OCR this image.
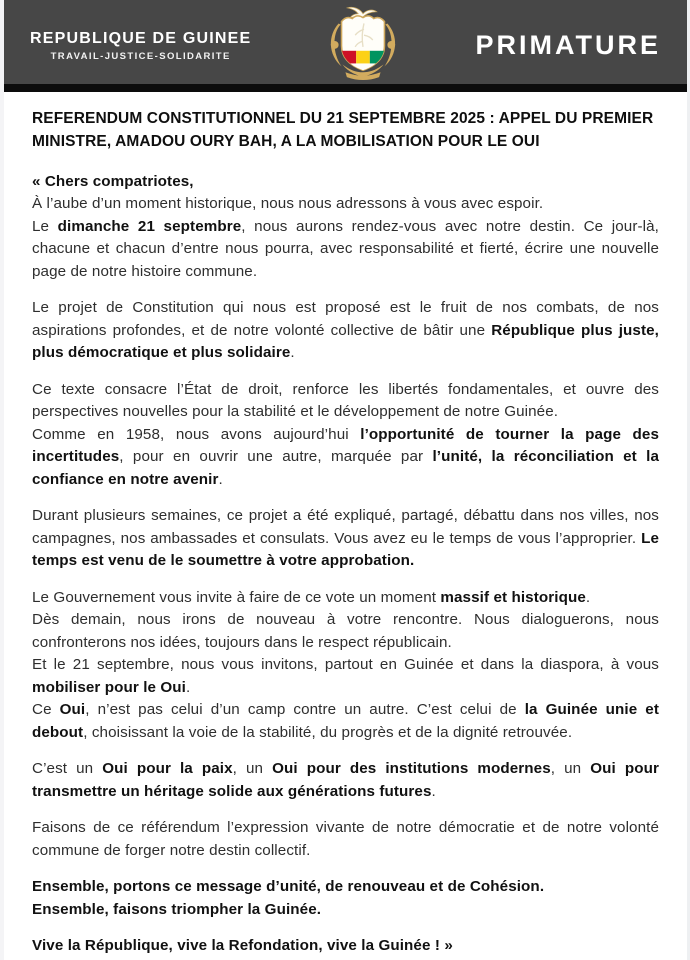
REPUBLIQUE DE GUINEE
TRAVAIL-JUSTICE-SOLIDARITE	PRIMATURE
REFERENDUM CONSTITUTIONNEL DU 21 SEPTEMBRE 2025 : APPEL DU PREMIER MINISTRE, AMADOU OURY BAH, A LA MOBILISATION POUR LE OUI

« Chers compatriotes,
À l’aube d’un moment historique, nous nous adressons à vous avec espoir.
Le dimanche 21 septembre, nous aurons rendez-vous avec notre destin. Ce jour-là, chacune et chacun d’entre nous pourra, avec responsabilité et fierté, écrire une nouvelle page de notre histoire commune.

Le projet de Constitution qui nous est proposé est le fruit de nos combats, de nos aspirations profondes, et de notre volonté collective de bâtir une République plus juste, plus démocratique et plus solidaire.

Ce texte consacre l’État de droit, renforce les libertés fondamentales, et ouvre des perspectives nouvelles pour la stabilité et le développement de notre Guinée.
Comme en 1958, nous avons aujourd’hui l’opportunité de tourner la page des incertitudes, pour en ouvrir une autre, marquée par l’unité, la réconciliation et la confiance en notre avenir.

Durant plusieurs semaines, ce projet a été expliqué, partagé, débattu dans nos villes, nos campagnes, nos ambassades et consulats. Vous avez eu le temps de vous l’approprier. Le temps est venu de le soumettre à votre approbation.

Le Gouvernement vous invite à faire de ce vote un moment massif et historique.
Dès demain, nous irons de nouveau à votre rencontre. Nous dialoguerons, nous confronterons nos idées, toujours dans le respect républicain.
Et le 21 septembre, nous vous invitons, partout en Guinée et dans la diaspora, à vous mobiliser pour le Oui.
Ce Oui, n’est pas celui d’un camp contre un autre. C’est celui de la Guinée unie et debout, choisissant la voie de la stabilité, du progrès et de la dignité retrouvée.

C’est un Oui pour la paix, un Oui pour des institutions modernes, un Oui pour transmettre un héritage solide aux générations futures.

Faisons de ce référendum l’expression vivante de notre démocratie et de notre volonté commune de forger notre destin collectif.

Ensemble, portons ce message d’unité, de renouveau et de Cohésion.
Ensemble, faisons triompher la Guinée.

Vive la République, vive la Refondation, vive la Guinée ! »
